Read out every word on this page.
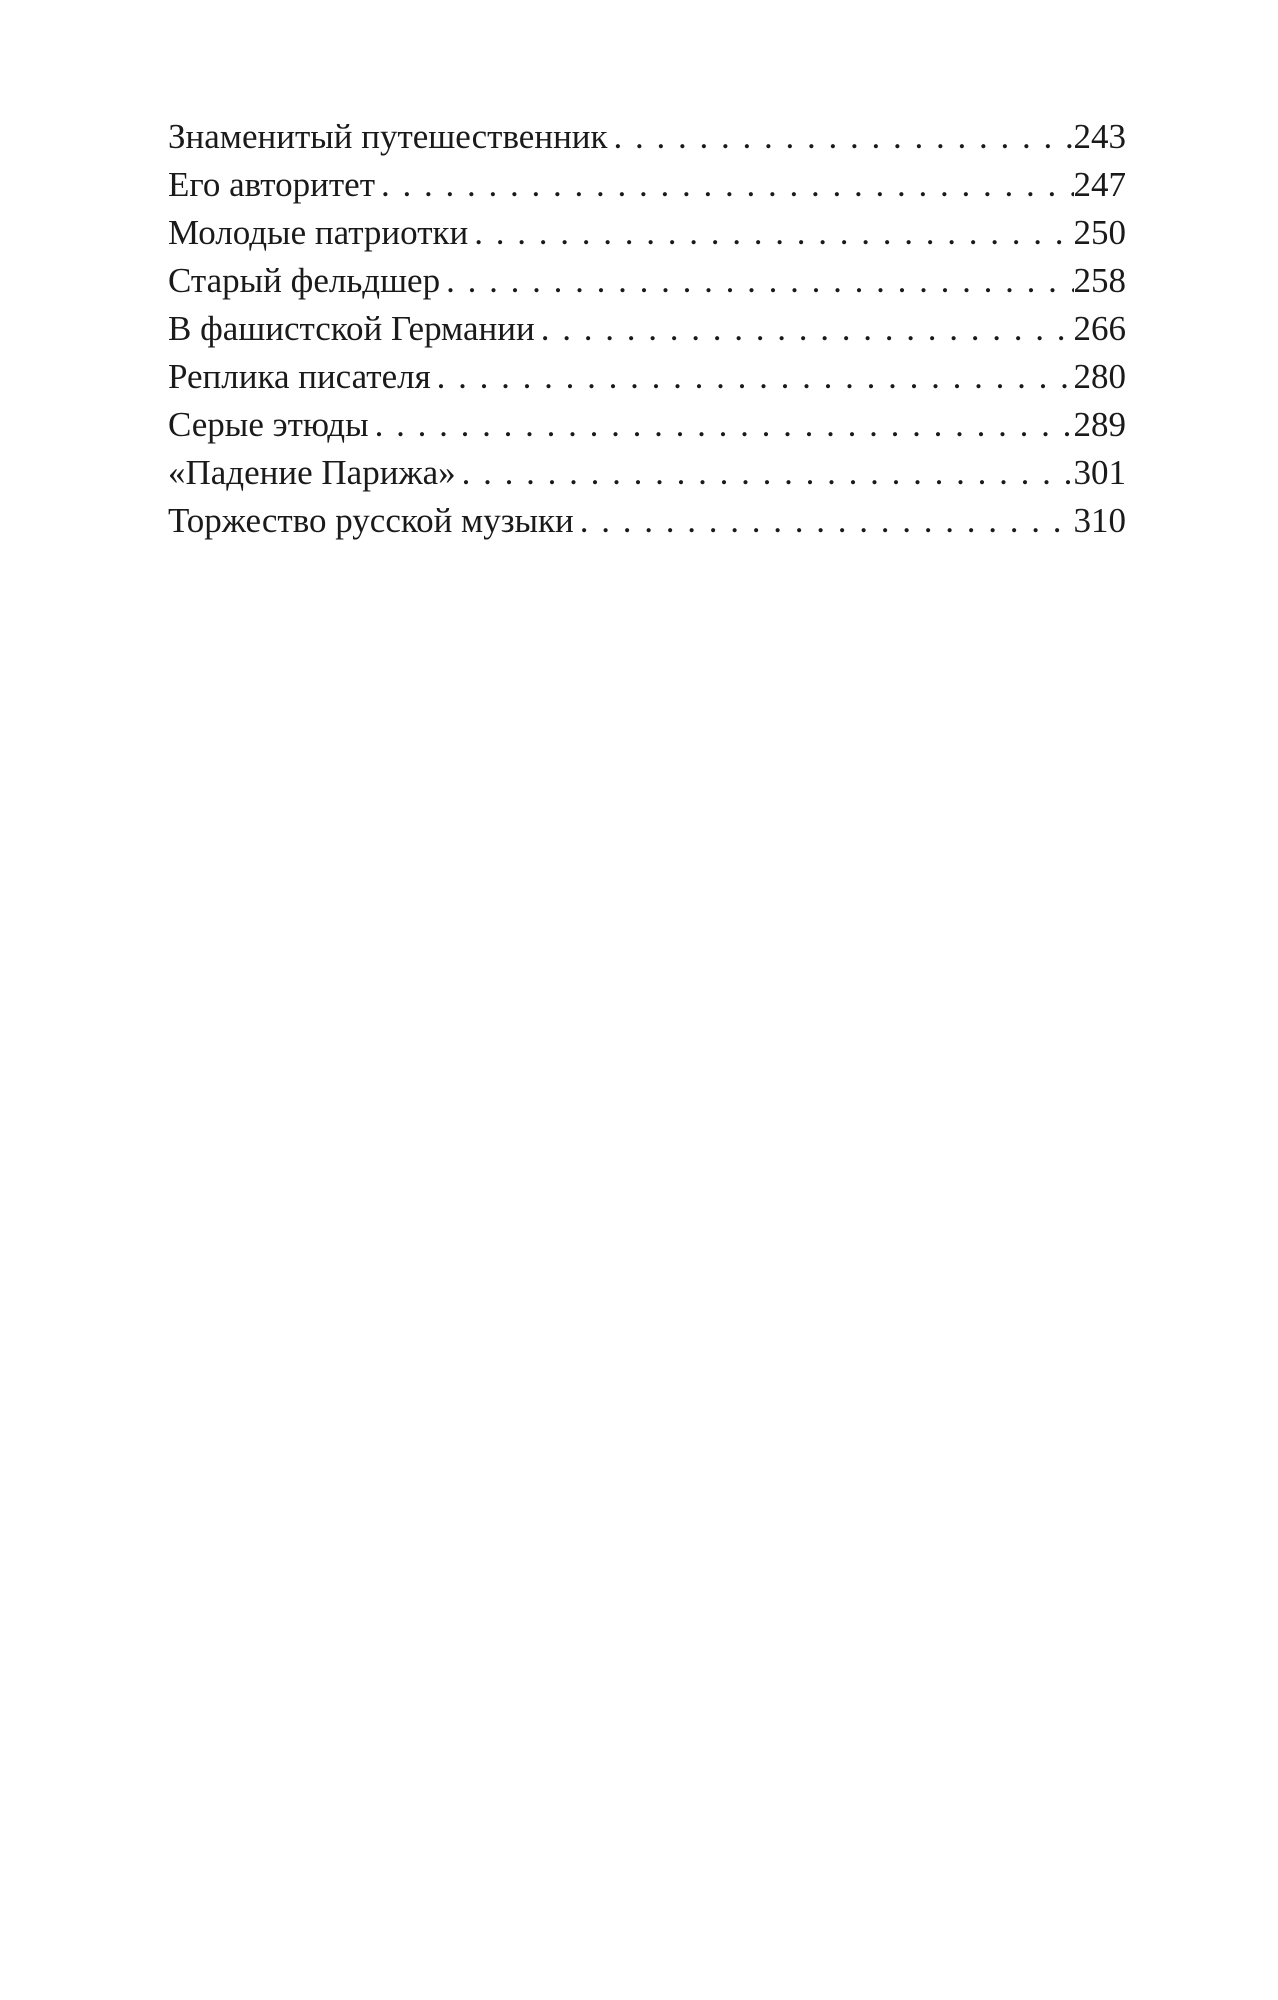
Знаменитый путешественник . . .	243
Его авторитет . . .	247
Молодые патриотки . . .	250
Старый фельдшер . . .	258
В фашистской Германии . . .	266
Реплика писателя . . .	280
Серые этюды . . .	289
«Падение Парижа» . . .	301
Торжество русской музыки . . .	310
